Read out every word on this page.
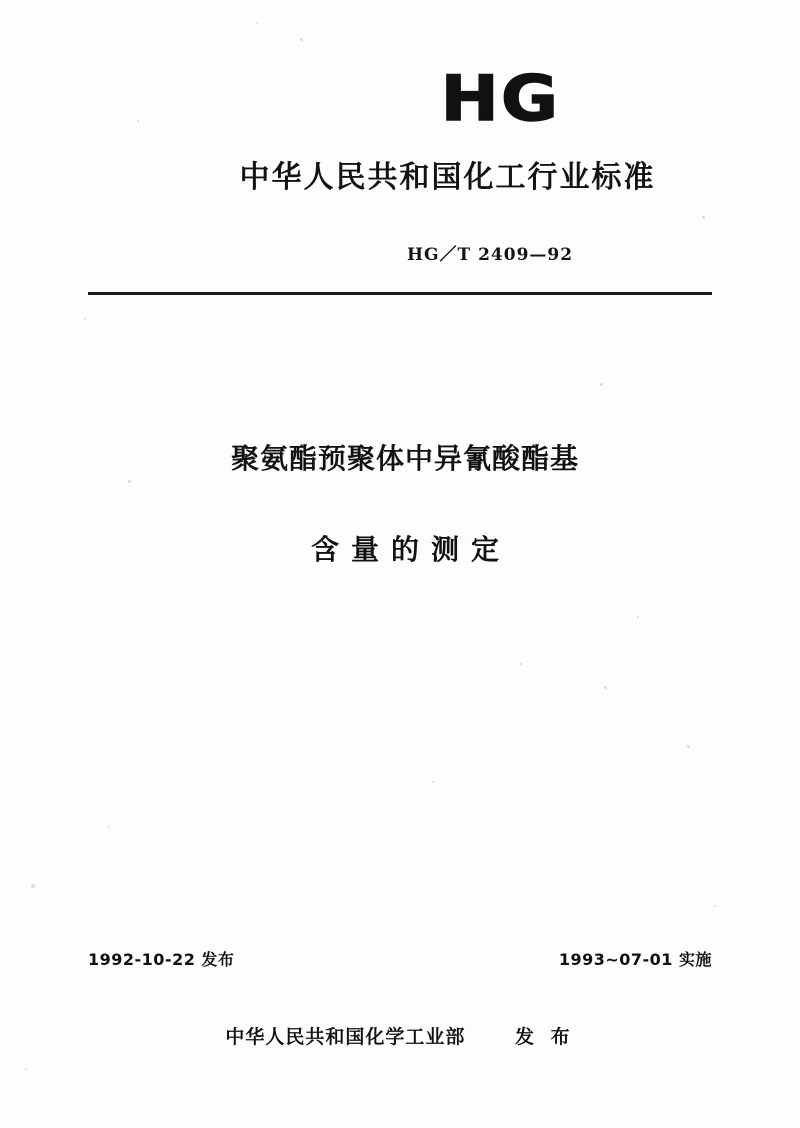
HG
中华人民共和国化工行业标准
HG／T 2409—92
聚氨酯预聚体中异氰酸酯基
含量的测定
1992-10-22 发布	1993~07-01 实施
中华人民共和国化学工业部	发 布
